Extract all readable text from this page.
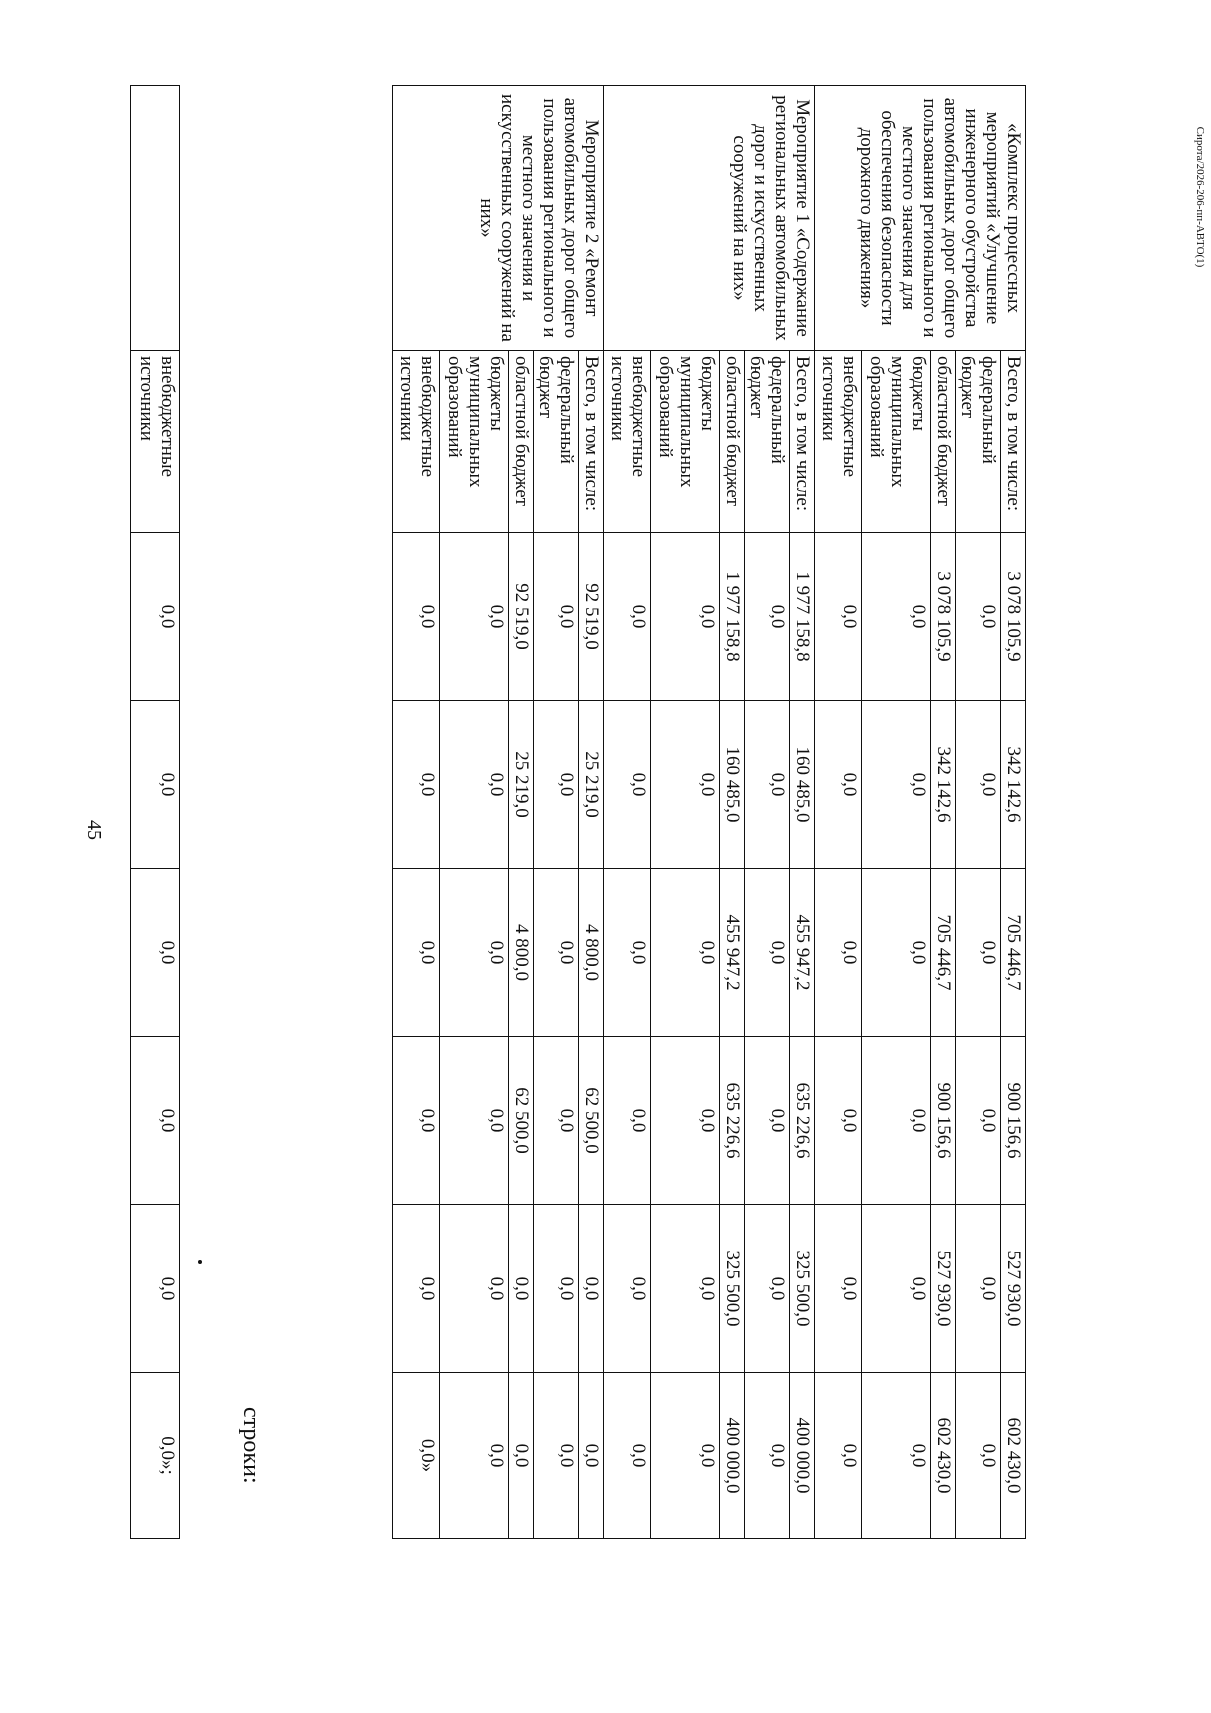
45
«Комплекс процессных мероприятий «Улучшение инженерного обустройства автомобильных дорог общего пользования регионального и местного значения для обеспечения безопасности дорожного движения»	Всего, в том числе:	3 078 105,9	342 142,6	705 446,7	900 156,6	527 930,0	602 430,0
	федеральный бюджет	0,0	0,0	0,0	0,0	0,0	0,0
	областной бюджет	3 078 105,9	342 142,6	705 446,7	900 156,6	527 930,0	602 430,0
	бюджеты муниципальных образований	0,0	0,0	0,0	0,0	0,0	0,0
	внебюджетные источники	0,0	0,0	0,0	0,0	0,0	0,0
Мероприятие 1 «Содержание региональных автомобильных дорог и искусственных сооружений на них»	Всего, в том числе:	1 977 158,8	160 485,0	455 947,2	635 226,6	325 500,0	400 000,0
	федеральный бюджет	0,0	0,0	0,0	0,0	0,0	0,0
	областной бюджет	1 977 158,8	160 485,0	455 947,2	635 226,6	325 500,0	400 000,0
	бюджеты муниципальных образований	0,0	0,0	0,0	0,0	0,0	0,0
	внебюджетные источники	0,0	0,0	0,0	0,0	0,0	0,0
Мероприятие 2 «Ремонт автомобильных дорог общего пользования регионального и местного значения и искусственных сооружений на них»	Всего, в том числе:	92 519,0	25 219,0	4 800,0	62 500,0	0,0	0,0
	федеральный бюджет	0,0	0,0	0,0	0,0	0,0	0,0
	областной бюджет	92 519,0	25 219,0	4 800,0	62 500,0	0,0	0,0
	бюджеты муниципальных образований	0,0	0,0	0,0	0,0	0,0	0,0
	внебюджетные источники	0,0	0,0	0,0	0,0	0,0	0,0»
строки:
	внебюджетные источники	0,0	0,0	0,0	0,0	0,0	0,0»;
Сирота/2026-206-пп-АВТО(1)
